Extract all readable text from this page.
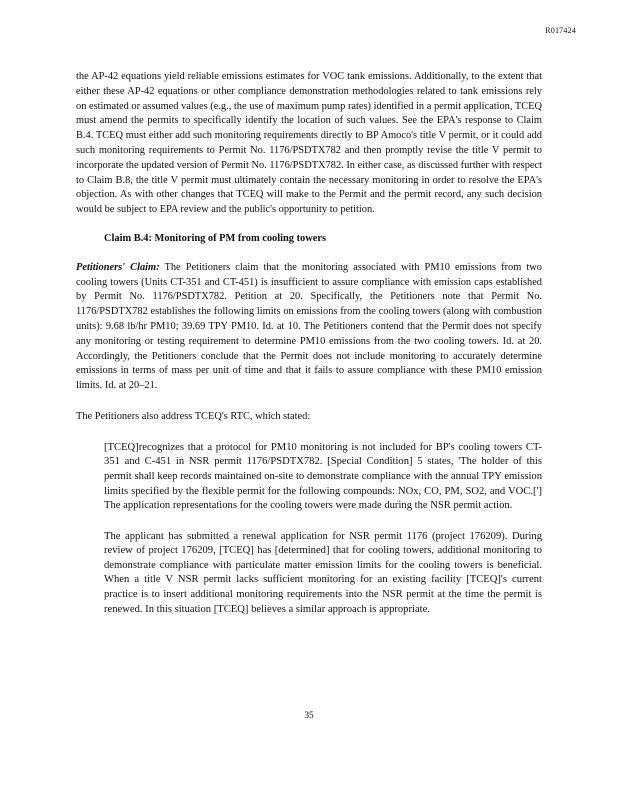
R017424

the AP-42 equations yield reliable emissions estimates for VOC tank emissions. Additionally, to the extent that either these AP-42 equations or other compliance demonstration methodologies related to tank emissions rely on estimated or assumed values (e.g., the use of maximum pump rates) identified in a permit application, TCEQ must amend the permits to specifically identify the location of such values. See the EPA's response to Claim B.4. TCEQ must either add such monitoring requirements directly to BP Amoco's title V permit, or it could add such monitoring requirements to Permit No. 1176/PSDTX782 and then promptly revise the title V permit to incorporate the updated version of Permit No. 1176/PSDTX782. In either case, as discussed further with respect to Claim B.8, the title V permit must ultimately contain the necessary monitoring in order to resolve the EPA's objection. As with other changes that TCEQ will make to the Permit and the permit record, any such decision would be subject to EPA review and the public's opportunity to petition.

Claim B.4: Monitoring of PM from cooling towers

Petitioners' Claim: The Petitioners claim that the monitoring associated with PM10 emissions from two cooling towers (Units CT-351 and CT-451) is insufficient to assure compliance with emission caps established by Permit No. 1176/PSDTX782. Petition at 20. Specifically, the Petitioners note that Permit No. 1176/PSDTX782 establishes the following limits on emissions from the cooling towers (along with combustion units): 9.68 lb/hr PM10; 39.69 TPY PM10. Id. at 10. The Petitioners contend that the Permit does not specify any monitoring or testing requirement to determine PM10 emissions from the two cooling towers. Id. at 20. Accordingly, the Petitioners conclude that the Permit does not include monitoring to accurately determine emissions in terms of mass per unit of time and that it fails to assure compliance with these PM10 emission limits. Id. at 20–21.

The Petitioners also address TCEQ's RTC, which stated:

[TCEQ]recognizes that a protocol for PM10 monitoring is not included for BP's cooling towers CT-351 and C-451 in NSR permit 1176/PSDTX782. [Special Condition] 5 states, 'The holder of this permit shall keep records maintained on-site to demonstrate compliance with the annual TPY emission limits specified by the flexible permit for the following compounds: NOx, CO, PM, SO2, and VOC.['] The application representations for the cooling towers were made during the NSR permit action.

The applicant has submitted a renewal application for NSR permit 1176 (project 176209). During review of project 176209, [TCEQ] has [determined] that for cooling towers, additional monitoring to demonstrate compliance with particulate matter emission limits for the cooling towers is beneficial. When a title V NSR permit lacks sufficient monitoring for an existing facility [TCEQ]'s current practice is to insert additional monitoring requirements into the NSR permit at the time the permit is renewed. In this situation [TCEQ] believes a similar approach is appropriate.

35
